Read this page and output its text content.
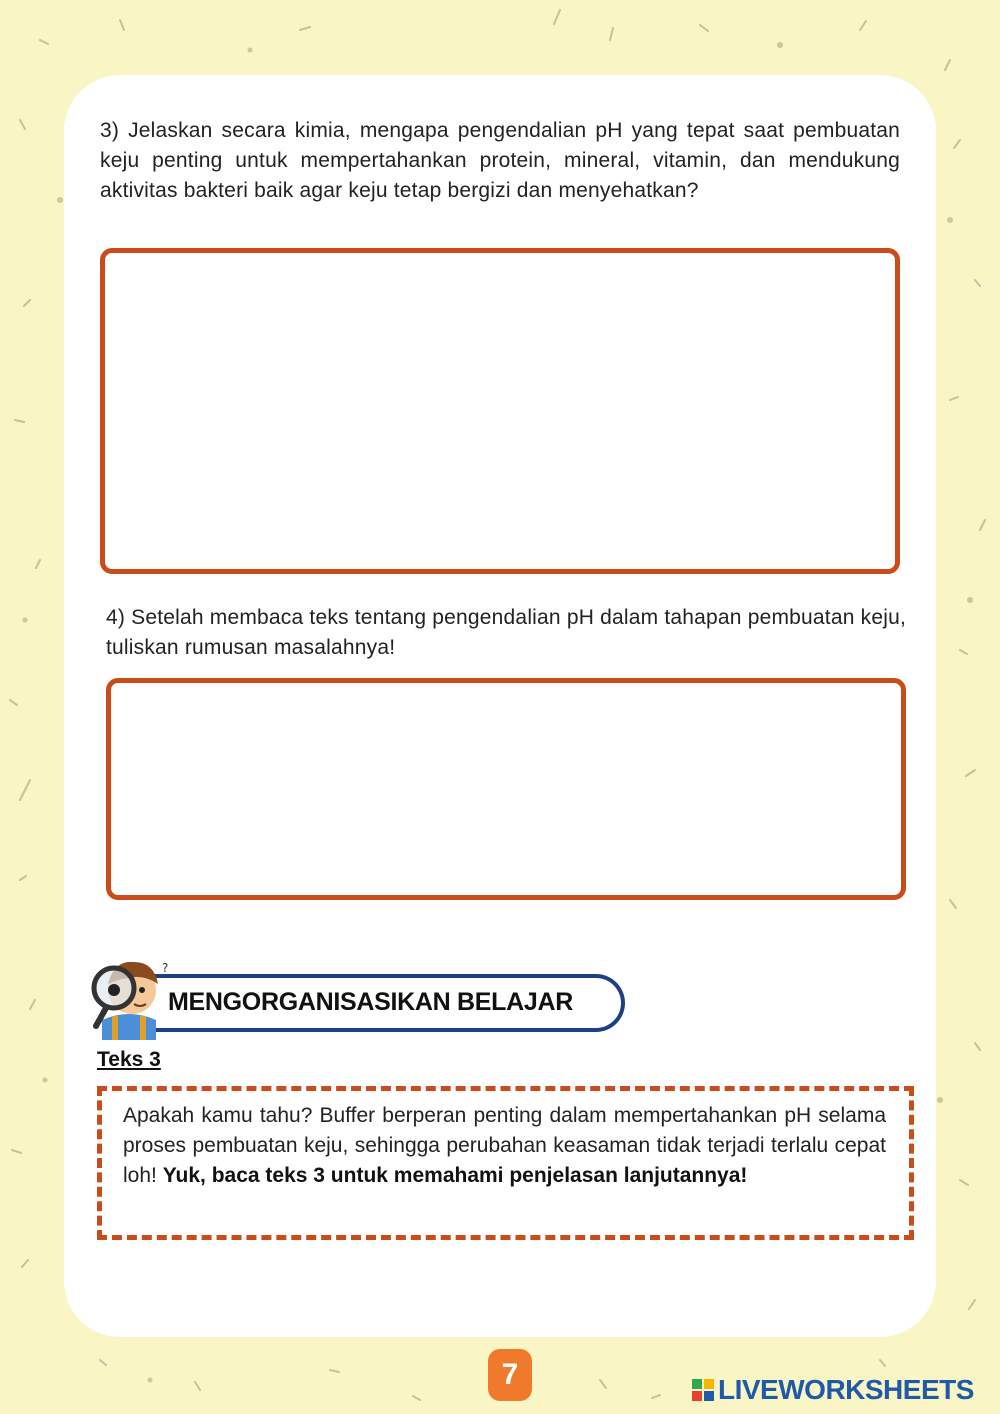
3) Jelaskan secara kimia, mengapa pengendalian pH yang tepat saat pembuatan keju penting untuk mempertahankan protein, mineral, vitamin, dan mendukung aktivitas bakteri baik agar keju tetap bergizi dan menyehatkan?
4) Setelah membaca teks tentang pengendalian pH dalam tahapan pembuatan keju, tuliskan rumusan masalahnya!
?
MENGORGANISASIKAN BELAJAR
Teks 3
Apakah kamu tahu? Buffer berperan penting dalam mempertahankan pH selama proses pembuatan keju, sehingga perubahan keasaman tidak terjadi terlalu cepat loh! Yuk, baca teks 3 untuk memahami penjelasan lanjutannya!
7	LIVEWORKSHEETS
